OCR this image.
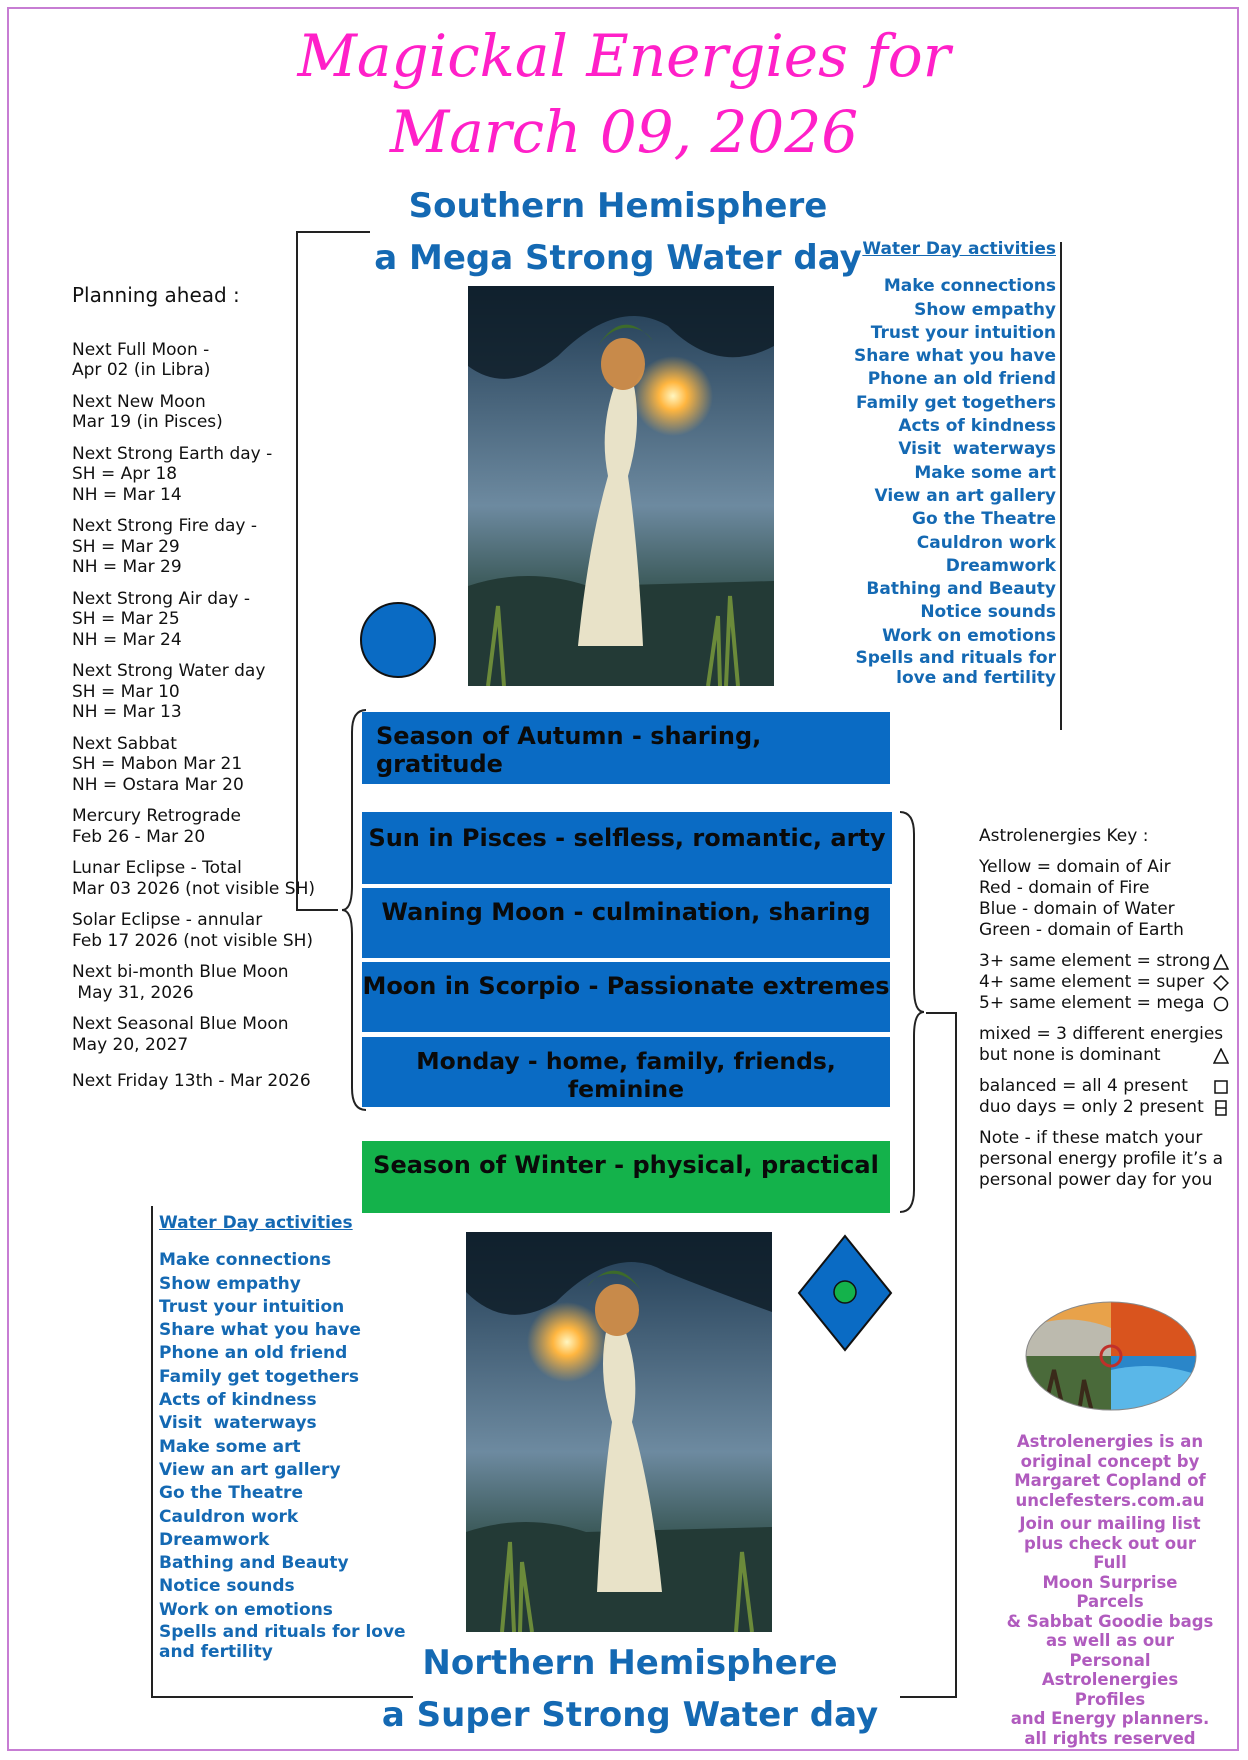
Magickal Energies for
March 09, 2026
Southern Hemisphere
a Mega Strong Water day
Planning ahead :
Next Full Moon -
Apr 02 (in Libra)
Next New Moon
Mar 19 (in Pisces)
Next Strong Earth day -
SH = Apr 18
NH = Mar 14
Next Strong Fire day -
SH = Mar 29
NH = Mar 29
Next Strong Air day -
SH = Mar 25
NH = Mar 24
Next Strong Water day
SH = Mar 10
NH = Mar 13
Next Sabbat
SH = Mabon Mar 21
NH = Ostara Mar 20
Mercury Retrograde
Feb 26 - Mar 20
Lunar Eclipse - Total
Mar 03 2026 (not visible SH)
Solar Eclipse - annular
Feb 17 2026 (not visible SH)
Next bi-month Blue Moon
May 31, 2026
Next Seasonal Blue Moon
May 20, 2027
Next Friday 13th - Mar 2026
Water Day activities
Make connections
Show empathy
Trust your intuition
Share what you have
Phone an old friend
Family get togethers
Acts of kindness
Visit  waterways
Make some art
View an art gallery
Go the Theatre
Cauldron work
Dreamwork
Bathing and Beauty
Notice sounds
Work on emotions
Spells and rituals for
love and fertility
Season of Autumn - sharing, gratitude
Sun in Pisces - selfless, romantic, arty
Waning Moon - culmination, sharing
Moon in Scorpio - Passionate extremes
Monday - home, family, friends, feminine
Season of Winter - physical, practical
Astrolenergies Key :
Yellow = domain of Air
Red - domain of Fire
Blue - domain of Water
Green - domain of Earth
3+ same element = strong
4+ same element = super
5+ same element = mega
mixed = 3 different energies
but none is dominant
balanced = all 4 present
duo days = only 2 present
Note - if these match your
personal energy profile it’s a
personal power day for you
Astrolenergies is an
original concept by
Margaret Copland of
unclefesters.com.au
Join our mailing list
plus check out our Full
Moon Surprise Parcels
& Sabbat Goodie bags
as well as our Personal
Astrolenergies Profiles
and Energy planners.
all rights reserved
Water Day activities
Make connections
Show empathy
Trust your intuition
Share what you have
Phone an old friend
Family get togethers
Acts of kindness
Visit  waterways
Make some art
View an art gallery
Go the Theatre
Cauldron work
Dreamwork
Bathing and Beauty
Notice sounds
Work on emotions
Spells and rituals for love
and fertility	Northern Hemisphere
a Super Strong Water day
